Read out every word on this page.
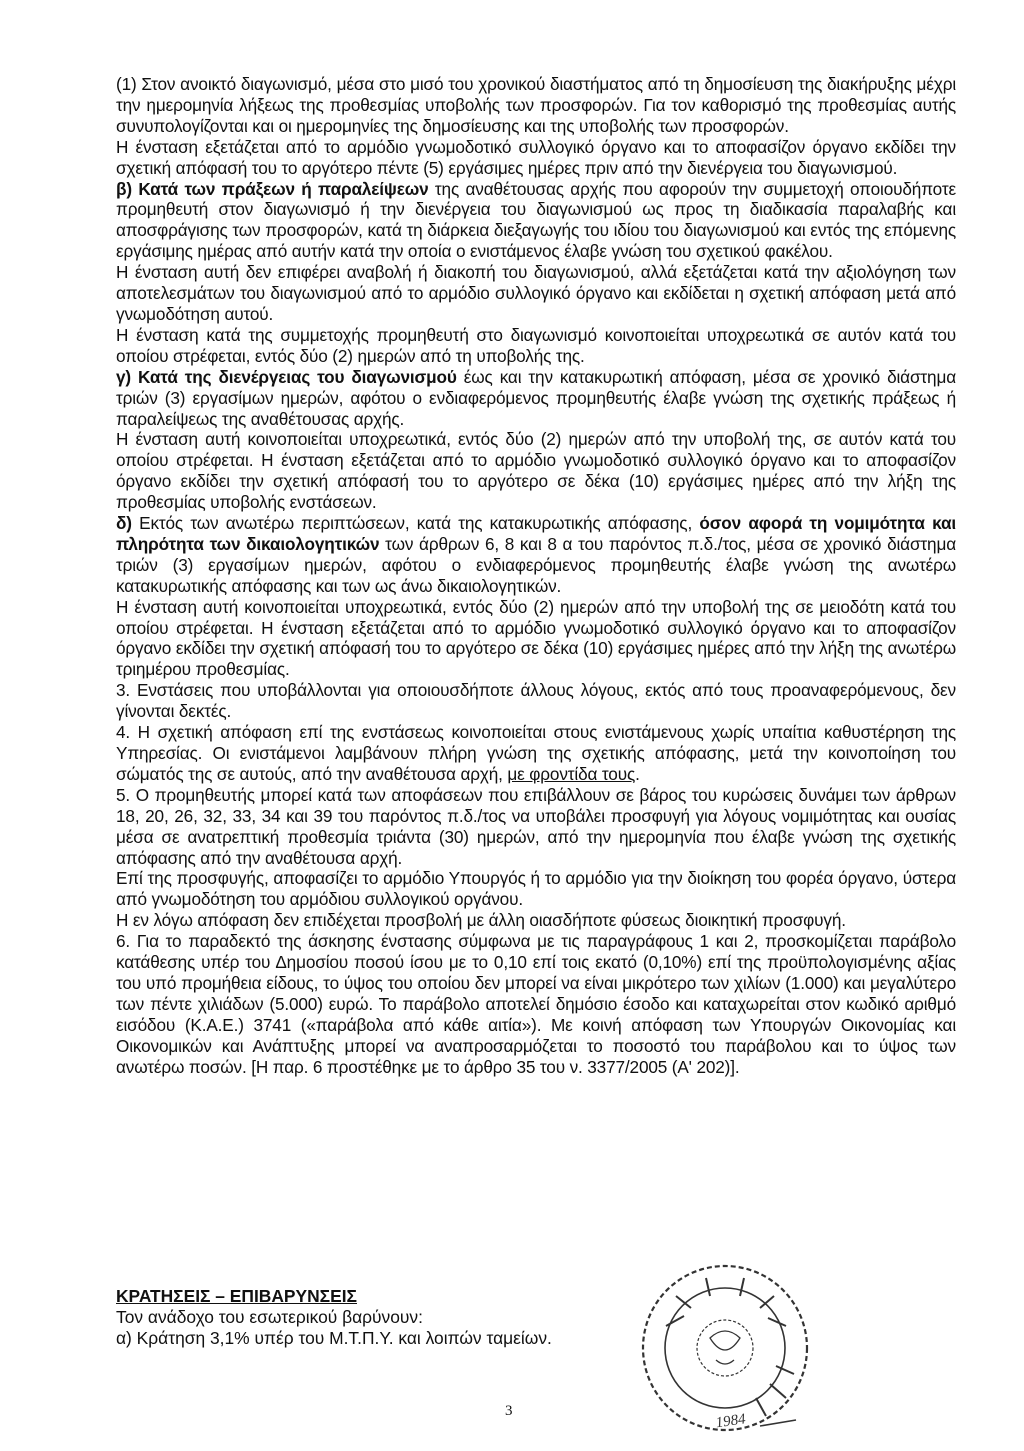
(1) Στον ανοικτό διαγωνισμό, μέσα στο μισό του χρονικού διαστήματος από τη δημοσίευση της διακήρυξης μέχρι την ημερομηνία λήξεως της προθεσμίας υποβολής των προσφορών. Για τον καθορισμό της προθεσμίας αυτής συνυπολογίζονται και οι ημερομηνίες της δημοσίευσης και της υποβολής των προσφορών.

Η ένσταση εξετάζεται από το αρμόδιο γνωμοδοτικό συλλογικό όργανο και το αποφασίζον όργανο εκδίδει την σχετική απόφασή του το αργότερο πέντε (5) εργάσιμες ημέρες πριν από την διενέργεια του διαγωνισμού.

β) Κατά των πράξεων ή παραλείψεων της αναθέτουσας αρχής που αφορούν την συμμετοχή οποιουδήποτε προμηθευτή στον διαγωνισμό ή την διενέργεια του διαγωνισμού ως προς τη διαδικασία παραλαβής και αποσφράγισης των προσφορών, κατά τη διάρκεια διεξαγωγής του ιδίου του διαγωνισμού και εντός της επόμενης εργάσιμης ημέρας από αυτήν κατά την οποία ο ενιστάμενος έλαβε γνώση του σχετικού φακέλου.

Η ένσταση αυτή δεν επιφέρει αναβολή ή διακοπή του διαγωνισμού, αλλά εξετάζεται κατά την αξιολόγηση των αποτελεσμάτων του διαγωνισμού από το αρμόδιο συλλογικό όργανο και εκδίδεται η σχετική απόφαση μετά από γνωμοδότηση αυτού.

Η ένσταση κατά της συμμετοχής προμηθευτή στο διαγωνισμό κοινοποιείται υποχρεωτικά σε αυτόν κατά του οποίου στρέφεται, εντός δύο (2) ημερών από τη υποβολής της.

γ) Κατά της διενέργειας του διαγωνισμού έως και την κατακυρωτική απόφαση, μέσα σε χρονικό διάστημα τριών (3) εργασίμων ημερών, αφότου ο ενδιαφερόμενος προμηθευτής έλαβε γνώση της σχετικής πράξεως ή παραλείψεως της αναθέτουσας αρχής.

Η ένσταση αυτή κοινοποιείται υποχρεωτικά, εντός δύο (2) ημερών από την υποβολή της, σε αυτόν κατά του οποίου στρέφεται. Η ένσταση εξετάζεται από το αρμόδιο γνωμοδοτικό συλλογικό όργανο και το αποφασίζον όργανο εκδίδει την σχετική απόφασή του το αργότερο σε δέκα (10) εργάσιμες ημέρες από την λήξη της προθεσμίας υποβολής ενστάσεων.

δ) Εκτός των ανωτέρω περιπτώσεων, κατά της κατακυρωτικής απόφασης, όσον αφορά τη νομιμότητα και πληρότητα των δικαιολογητικών των άρθρων 6, 8 και 8 α του παρόντος π.δ./τος, μέσα σε χρονικό διάστημα τριών (3) εργασίμων ημερών, αφότου ο ενδιαφερόμενος προμηθευτής έλαβε γνώση της ανωτέρω κατακυρωτικής απόφασης και των ως άνω δικαιολογητικών.

Η ένσταση αυτή κοινοποιείται υποχρεωτικά, εντός δύο (2) ημερών από την υποβολή της σε μειοδότη κατά του οποίου στρέφεται. Η ένσταση εξετάζεται από το αρμόδιο γνωμοδοτικό συλλογικό όργανο και το αποφασίζον όργανο εκδίδει την σχετική απόφασή του το αργότερο σε δέκα (10) εργάσιμες ημέρες από την λήξη της ανωτέρω τριημέρου προθεσμίας.

3. Ενστάσεις που υποβάλλονται για οποιουσδήποτε άλλους λόγους, εκτός από τους προαναφερόμενους, δεν γίνονται δεκτές.

4. Η σχετική απόφαση επί της ενστάσεως κοινοποιείται στους ενιστάμενους χωρίς υπαίτια καθυστέρηση της Υπηρεσίας. Οι ενιστάμενοι λαμβάνουν πλήρη γνώση της σχετικής απόφασης, μετά την κοινοποίηση του σώματός της σε αυτούς, από την αναθέτουσα αρχή, με φροντίδα τους.

5. Ο προμηθευτής μπορεί κατά των αποφάσεων που επιβάλλουν σε βάρος του κυρώσεις δυνάμει των άρθρων 18, 20, 26, 32, 33, 34 και 39 του παρόντος π.δ./τος να υποβάλει προσφυγή για λόγους νομιμότητας και ουσίας μέσα σε ανατρεπτική προθεσμία τριάντα (30) ημερών, από την ημερομηνία που έλαβε γνώση της σχετικής απόφασης από την αναθέτουσα αρχή.

Επί της προσφυγής, αποφασίζει το αρμόδιο Υπουργός ή το αρμόδιο για την διοίκηση του φορέα όργανο, ύστερα από γνωμοδότηση του αρμόδιου συλλογικού οργάνου.

Η εν λόγω απόφαση δεν επιδέχεται προσβολή με άλλη οιασδήποτε φύσεως διοικητική προσφυγή.

6. Για το παραδεκτό της άσκησης ένστασης σύμφωνα με τις παραγράφους 1 και 2, προσκομίζεται παράβολο κατάθεσης υπέρ του Δημοσίου ποσού ίσου με το 0,10 επί τοις εκατό (0,10%) επί της προϋπολογισμένης αξίας του υπό προμήθεια είδους, το ύψος του οποίου δεν μπορεί να είναι μικρότερο των χιλίων (1.000) και μεγαλύτερο των πέντε χιλιάδων (5.000) ευρώ. Το παράβολο αποτελεί δημόσιο έσοδο και καταχωρείται στον κωδικό αριθμό εισόδου (Κ.Α.Ε.) 3741 («παράβολα από κάθε αιτία»). Με κοινή απόφαση των Υπουργών Οικονομίας και Οικονομικών και Ανάπτυξης μπορεί να αναπροσαρμόζεται το ποσοστό του παράβολου και το ύψος των ανωτέρω ποσών. [Η παρ. 6 προστέθηκε με το άρθρο 35 του ν. 3377/2005 (Α' 202)].

ΚΡΑΤΗΣΕΙΣ – ΕΠΙΒΑΡΥΝΣΕΙΣ
Τον ανάδοχο του εσωτερικού βαρύνουν:
α) Κράτηση 3,1% υπέρ του Μ.Τ.Π.Υ. και λοιπών ταμείων.
3
1984
